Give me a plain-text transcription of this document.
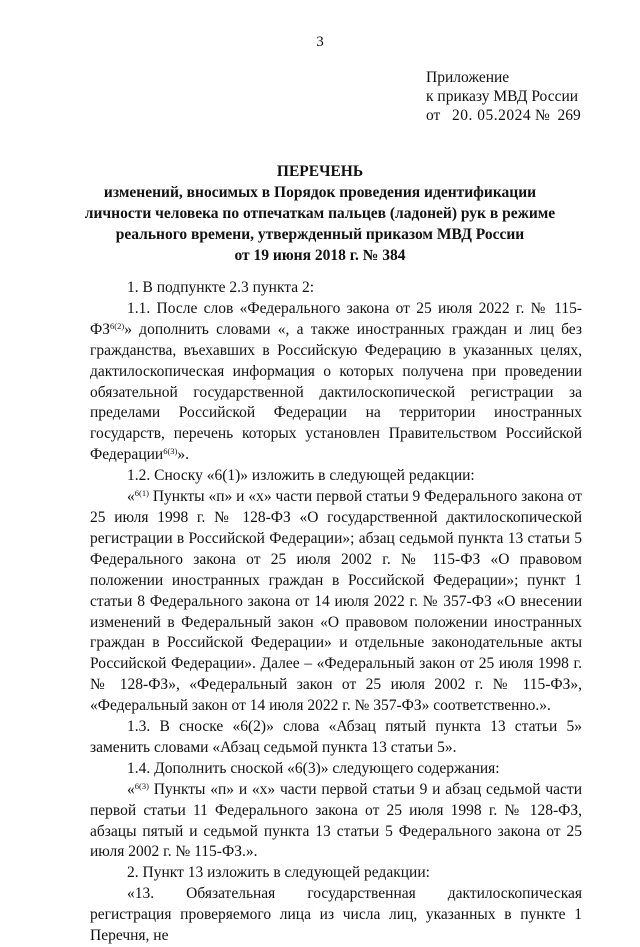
3
Приложение
к приказу МВД России
от 20. 05.2024 № 269
ПЕРЕЧЕНЬ
изменений, вносимых в Порядок проведения идентификации
личности человека по отпечаткам пальцев (ладоней) рук в режиме
реального времени, утвержденный приказом МВД России
от 19 июня 2018 г. № 384

1. В подпункте 2.3 пункта 2:

1.1. После слов «Федерального закона от 25 июля 2022 г. № $115-ФЗ^{6(2)}$» дополнить словами «, а также иностранных граждан и лиц без гражданства, въехавших в Российскую Федерацию в указанных целях, дактилоскопическая информация о которых получена при проведении обязательной государственной дактилоскопической регистрации за пределами Российской Федерации на территории иностранных государств, перечень которых установлен Правительством Российской Федерации$^{6(3)}$».

1.2. Сноску «6(1)» изложить в следующей редакции:

«$^{6(1)}$ Пункты «п» и «х» части первой статьи 9 Федерального закона от 25 июля 1998 г. № 128-ФЗ «О государственной дактилоскопической регистрации в Российской Федерации»; абзац седьмой пункта 13 статьи 5 Федерального закона от 25 июля 2002 г. № 115-ФЗ «О правовом положении иностранных граждан в Российской Федерации»; пункт 1 статьи 8 Федерального закона от 14 июля 2022 г. № 357-ФЗ «О внесении изменений в Федеральный закон «О правовом положении иностранных граждан в Российской Федерации» и отдельные законодательные акты Российской Федерации». Далее – «Федеральный закон от 25 июля 1998 г. № 128-ФЗ», «Федеральный закон от 25 июля 2002 г. № 115-ФЗ», «Федеральный закон от 14 июля 2022 г. № 357-ФЗ» соответственно.».

1.3. В сноске «6(2)» слова «Абзац пятый пункта 13 статьи 5» заменить словами «Абзац седьмой пункта 13 статьи 5».

1.4. Дополнить сноской «6(3)» следующего содержания:

«$^{6(3)}$ Пункты «п» и «х» части первой статьи 9 и абзац седьмой части первой статьи 11 Федерального закона от 25 июля 1998 г. № 128-ФЗ, абзацы пятый и седьмой пункта 13 статьи 5 Федерального закона от 25 июля 2002 г. № 115-ФЗ.».

2. Пункт 13 изложить в следующей редакции:

«13. Обязательная государственная дактилоскопическая регистрация проверяемого лица из числа лиц, указанных в пункте 1 Перечня, не
